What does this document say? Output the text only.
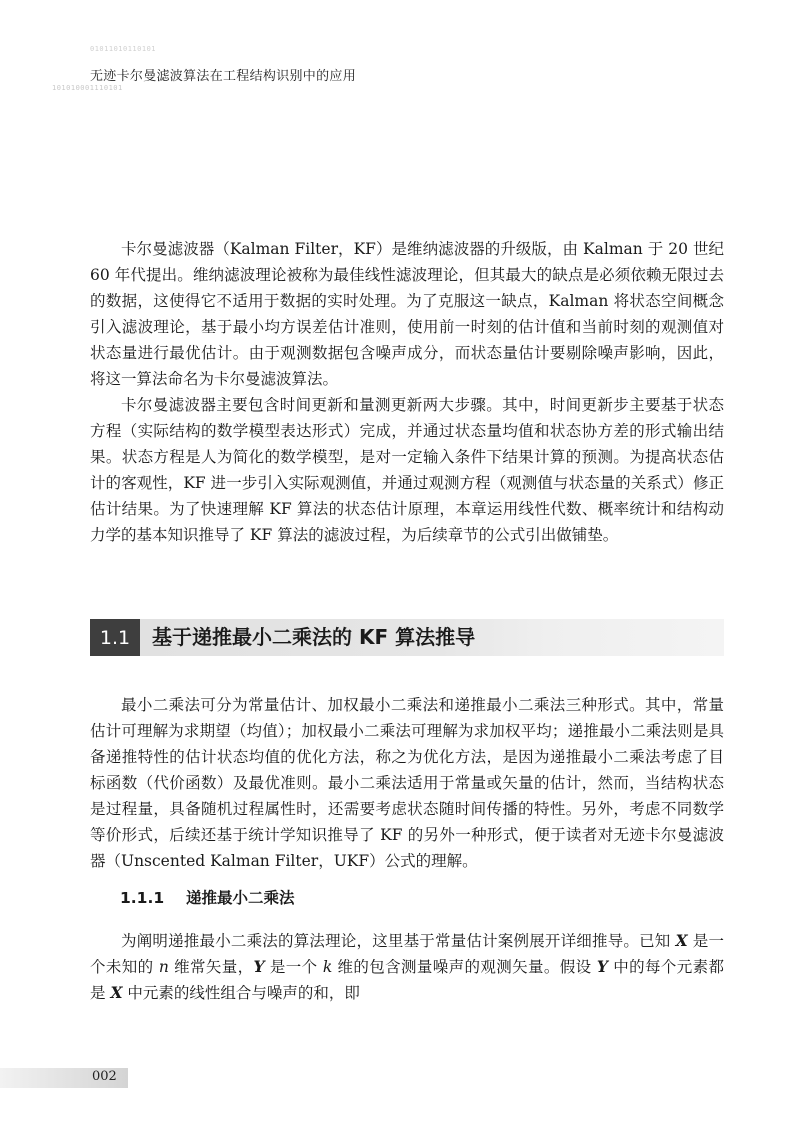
01011010110101
101010001110101
无迹卡尔曼滤波算法在工程结构识别中的应用

卡尔曼滤波器（Kalman Filter，KF）是维纳滤波器的升级版，由 Kalman 于 20 世纪 60 年代提出。维纳滤波理论被称为最佳线性滤波理论，但其最大的缺点是必须依赖无限过去的数据，这使得它不适用于数据的实时处理。为了克服这一缺点，Kalman 将状态空间概念引入滤波理论，基于最小均方误差估计准则，使用前一时刻的估计值和当前时刻的观测值对状态量进行最优估计。由于观测数据包含噪声成分，而状态量估计要剔除噪声影响，因此，将这一算法命名为卡尔曼滤波算法。

卡尔曼滤波器主要包含时间更新和量测更新两大步骤。其中，时间更新步主要基于状态方程（实际结构的数学模型表达形式）完成，并通过状态量均值和状态协方差的形式输出结果。状态方程是人为简化的数学模型，是对一定输入条件下结果计算的预测。为提高状态估计的客观性，KF 进一步引入实际观测值，并通过观测方程（观测值与状态量的关系式）修正估计结果。为了快速理解 KF 算法的状态估计原理，本章运用线性代数、概率统计和结构动力学的基本知识推导了 KF 算法的滤波过程，为后续章节的公式引出做铺垫。

1.1	基于递推最小二乘法的 KF 算法推导

最小二乘法可分为常量估计、加权最小二乘法和递推最小二乘法三种形式。其中，常量估计可理解为求期望（均值）；加权最小二乘法可理解为求加权平均；递推最小二乘法则是具备递推特性的估计状态均值的优化方法，称之为优化方法，是因为递推最小二乘法考虑了目标函数（代价函数）及最优准则。最小二乘法适用于常量或矢量的估计，然而，当结构状态是过程量，具备随机过程属性时，还需要考虑状态随时间传播的特性。另外，考虑不同数学等价形式，后续还基于统计学知识推导了 KF 的另外一种形式，便于读者对无迹卡尔曼滤波器（Unscented Kalman Filter，UKF）公式的理解。

1.1.1 递推最小二乘法

为阐明递推最小二乘法的算法理论，这里基于常量估计案例展开详细推导。已知 X 是一个未知的 n 维常矢量，Y 是一个 k 维的包含测量噪声的观测矢量。假设 Y 中的每个元素都是 X 中元素的线性组合与噪声的和，即

002
